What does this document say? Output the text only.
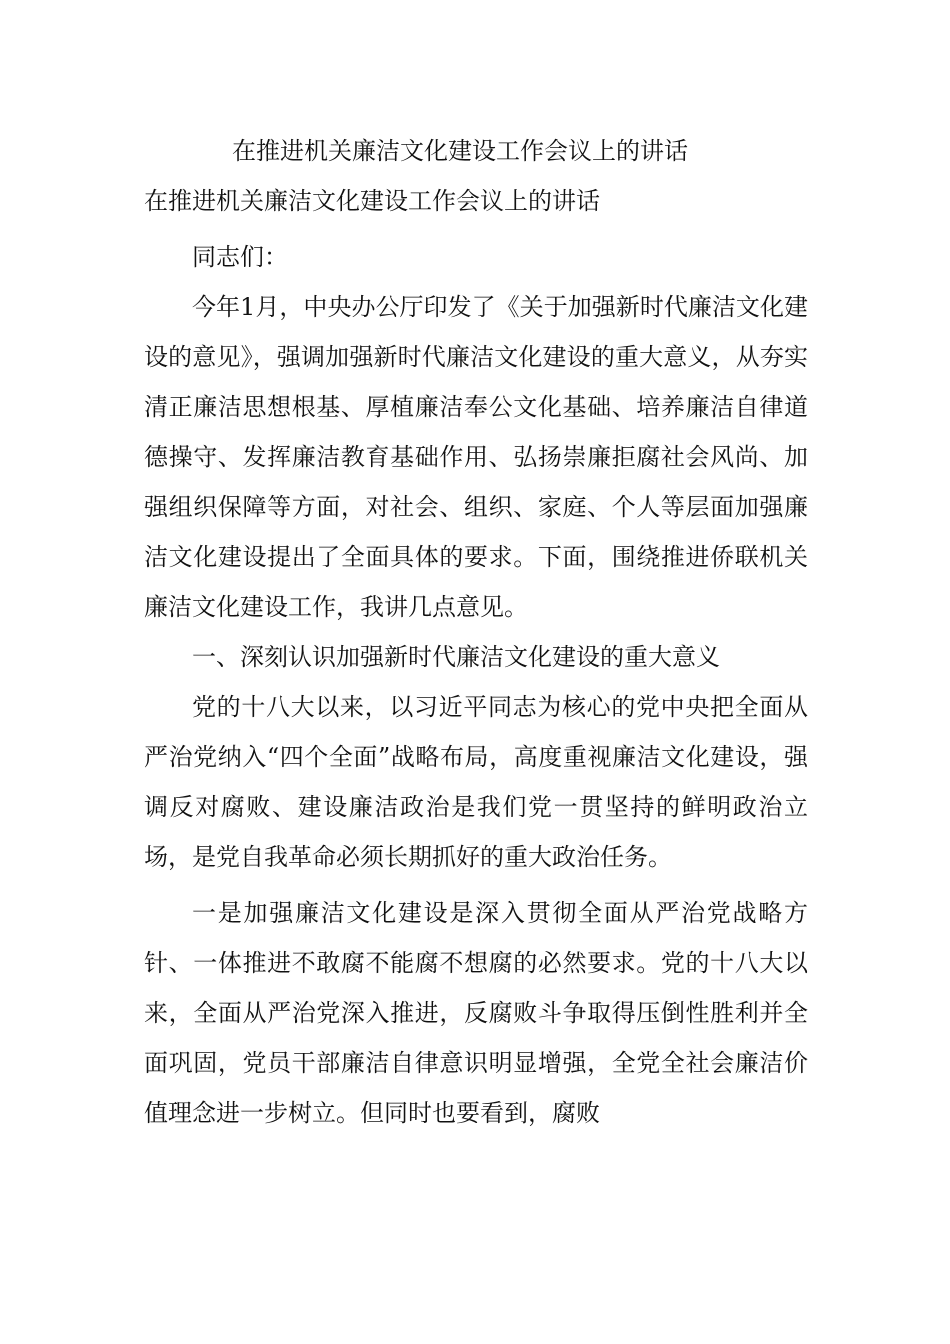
在推进机关廉洁文化建设工作会议上的讲话
在推进机关廉洁文化建设工作会议上的讲话

同志们：

今年1月，中央办公厅印发了《关于加强新时代廉洁文化建设的意见》，强调加强新时代廉洁文化建设的重大意义，从夯实清正廉洁思想根基、厚植廉洁奉公文化基础、培养廉洁自律道德操守、发挥廉洁教育基础作用、弘扬崇廉拒腐社会风尚、加强组织保障等方面，对社会、组织、家庭、个人等层面加强廉洁文化建设提出了全面具体的要求。下面，围绕推进侨联机关廉洁文化建设工作，我讲几点意见。

一、深刻认识加强新时代廉洁文化建设的重大意义

党的十八大以来，以习近平同志为核心的党中央把全面从严治党纳入“四个全面”战略布局，高度重视廉洁文化建设，强调反对腐败、建设廉洁政治是我们党一贯坚持的鲜明政治立场，是党自我革命必须长期抓好的重大政治任务。

一是加强廉洁文化建设是深入贯彻全面从严治党战略方针、一体推进不敢腐不能腐不想腐的必然要求。党的十八大以来，全面从严治党深入推进，反腐败斗争取得压倒性胜利并全面巩固，党员干部廉洁自律意识明显增强，全党全社会廉洁价值理念进一步树立。但同时也要看到，腐败
